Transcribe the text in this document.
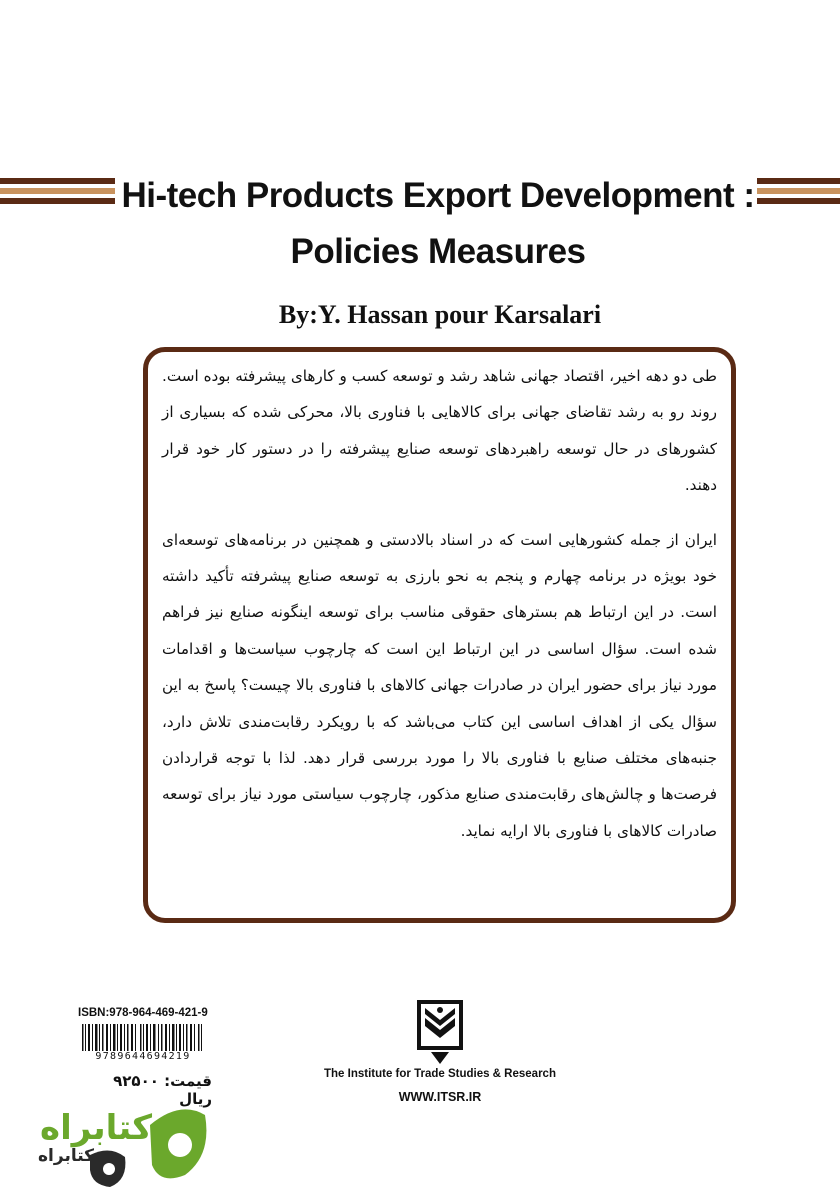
Hi-tech Products Export Development :
Policies Measures
By:Y. Hassan pour Karsalari

طی دو دهه اخیر، اقتصاد جهانی شاهد رشد و توسعه کسب و کارهای پیشرفته بوده است. روند رو به رشد تقاضای جهانی برای کالاهایی با فناوری بالا، محرکی شده که بسیاری از کشورهای در حال توسعه راهبردهای توسعه صنایع پیشرفته را در دستور کار خود قرار دهند.

ایران از جمله کشورهایی است که در اسناد بالادستی و همچنین در برنامه‌های توسعه‌ای خود بویژه در برنامه چهارم و پنجم به نحو بارزی به توسعه صنایع پیشرفته تأکید داشته است. در این ارتباط هم بسترهای حقوقی مناسب برای توسعه اینگونه صنایع نیز فراهم شده است. سؤال اساسی در این ارتباط این است که چارچوب سیاست‌ها و اقدامات مورد نیاز برای حضور ایران در صادرات جهانی کالاهای با فناوری بالا چیست؟ پاسخ به این سؤال یکی از اهداف اساسی این کتاب می‌باشد که با رویکرد رقابت‌مندی تلاش دارد، جنبه‌های مختلف صنایع با فناوری بالا را مورد بررسی قرار دهد. لذا با توجه قراردادن فرصت‌ها و چالش‌های رقابت‌مندی صنایع مذکور، چارچوب سیاستی مورد نیاز برای توسعه صادرات کالاهای با فناوری بالا ارایه نماید.

The Institute for Trade Studies & Research
WWW.ITSR.IR
ISBN:978-964-469-421-9
9789644694219
قیمت: ۹۲۵۰۰ ریال
کتابراه
کتابراه
